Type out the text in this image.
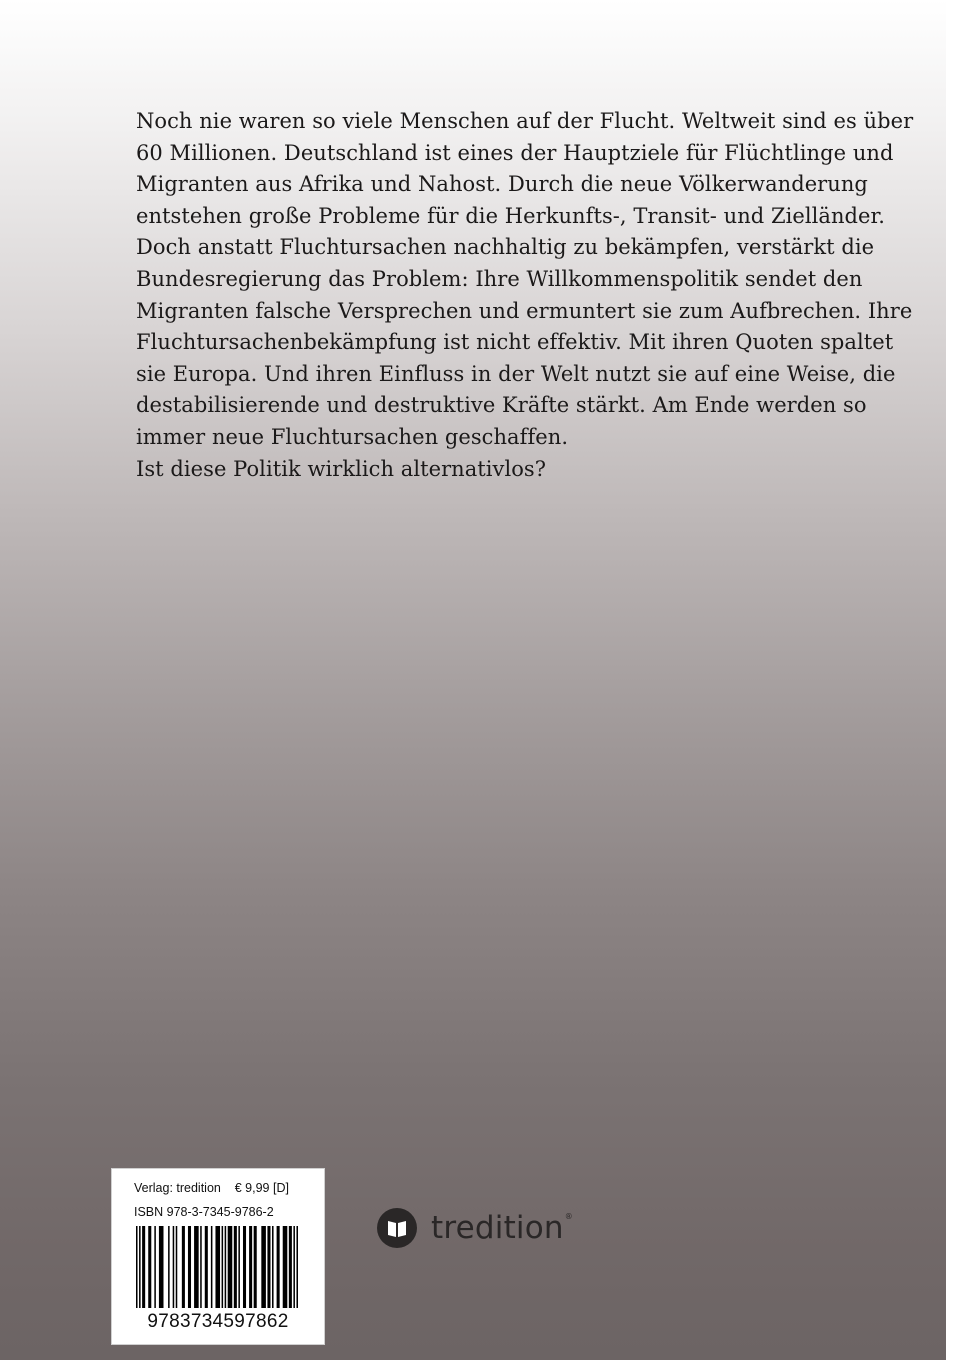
Noch nie waren so viele Menschen auf der Flucht. Weltweit sind es über
60 Millionen. Deutschland ist eines der Hauptziele für Flüchtlinge und
Migranten aus Afrika und Nahost. Durch die neue Völkerwanderung
entstehen große Probleme für die Herkunfts-, Transit- und Zielländer.
Doch anstatt Fluchtursachen nachhaltig zu bekämpfen, verstärkt die
Bundesregierung das Problem: Ihre Willkommenspolitik sendet den
Migranten falsche Versprechen und ermuntert sie zum Aufbrechen. Ihre
Fluchtursachenbekämpfung ist nicht effektiv. Mit ihren Quoten spaltet
sie Europa. Und ihren Einfluss in der Welt nutzt sie auf eine Weise, die
destabilisierende und destruktive Kräfte stärkt. Am Ende werden so
immer neue Fluchtursachen geschaffen.
Ist diese Politik wirklich alternativlos?
Verlag: tredition    € 9,99 [D]
ISBN 978-3-7345-9786-2
9783734597862
tredition ®
